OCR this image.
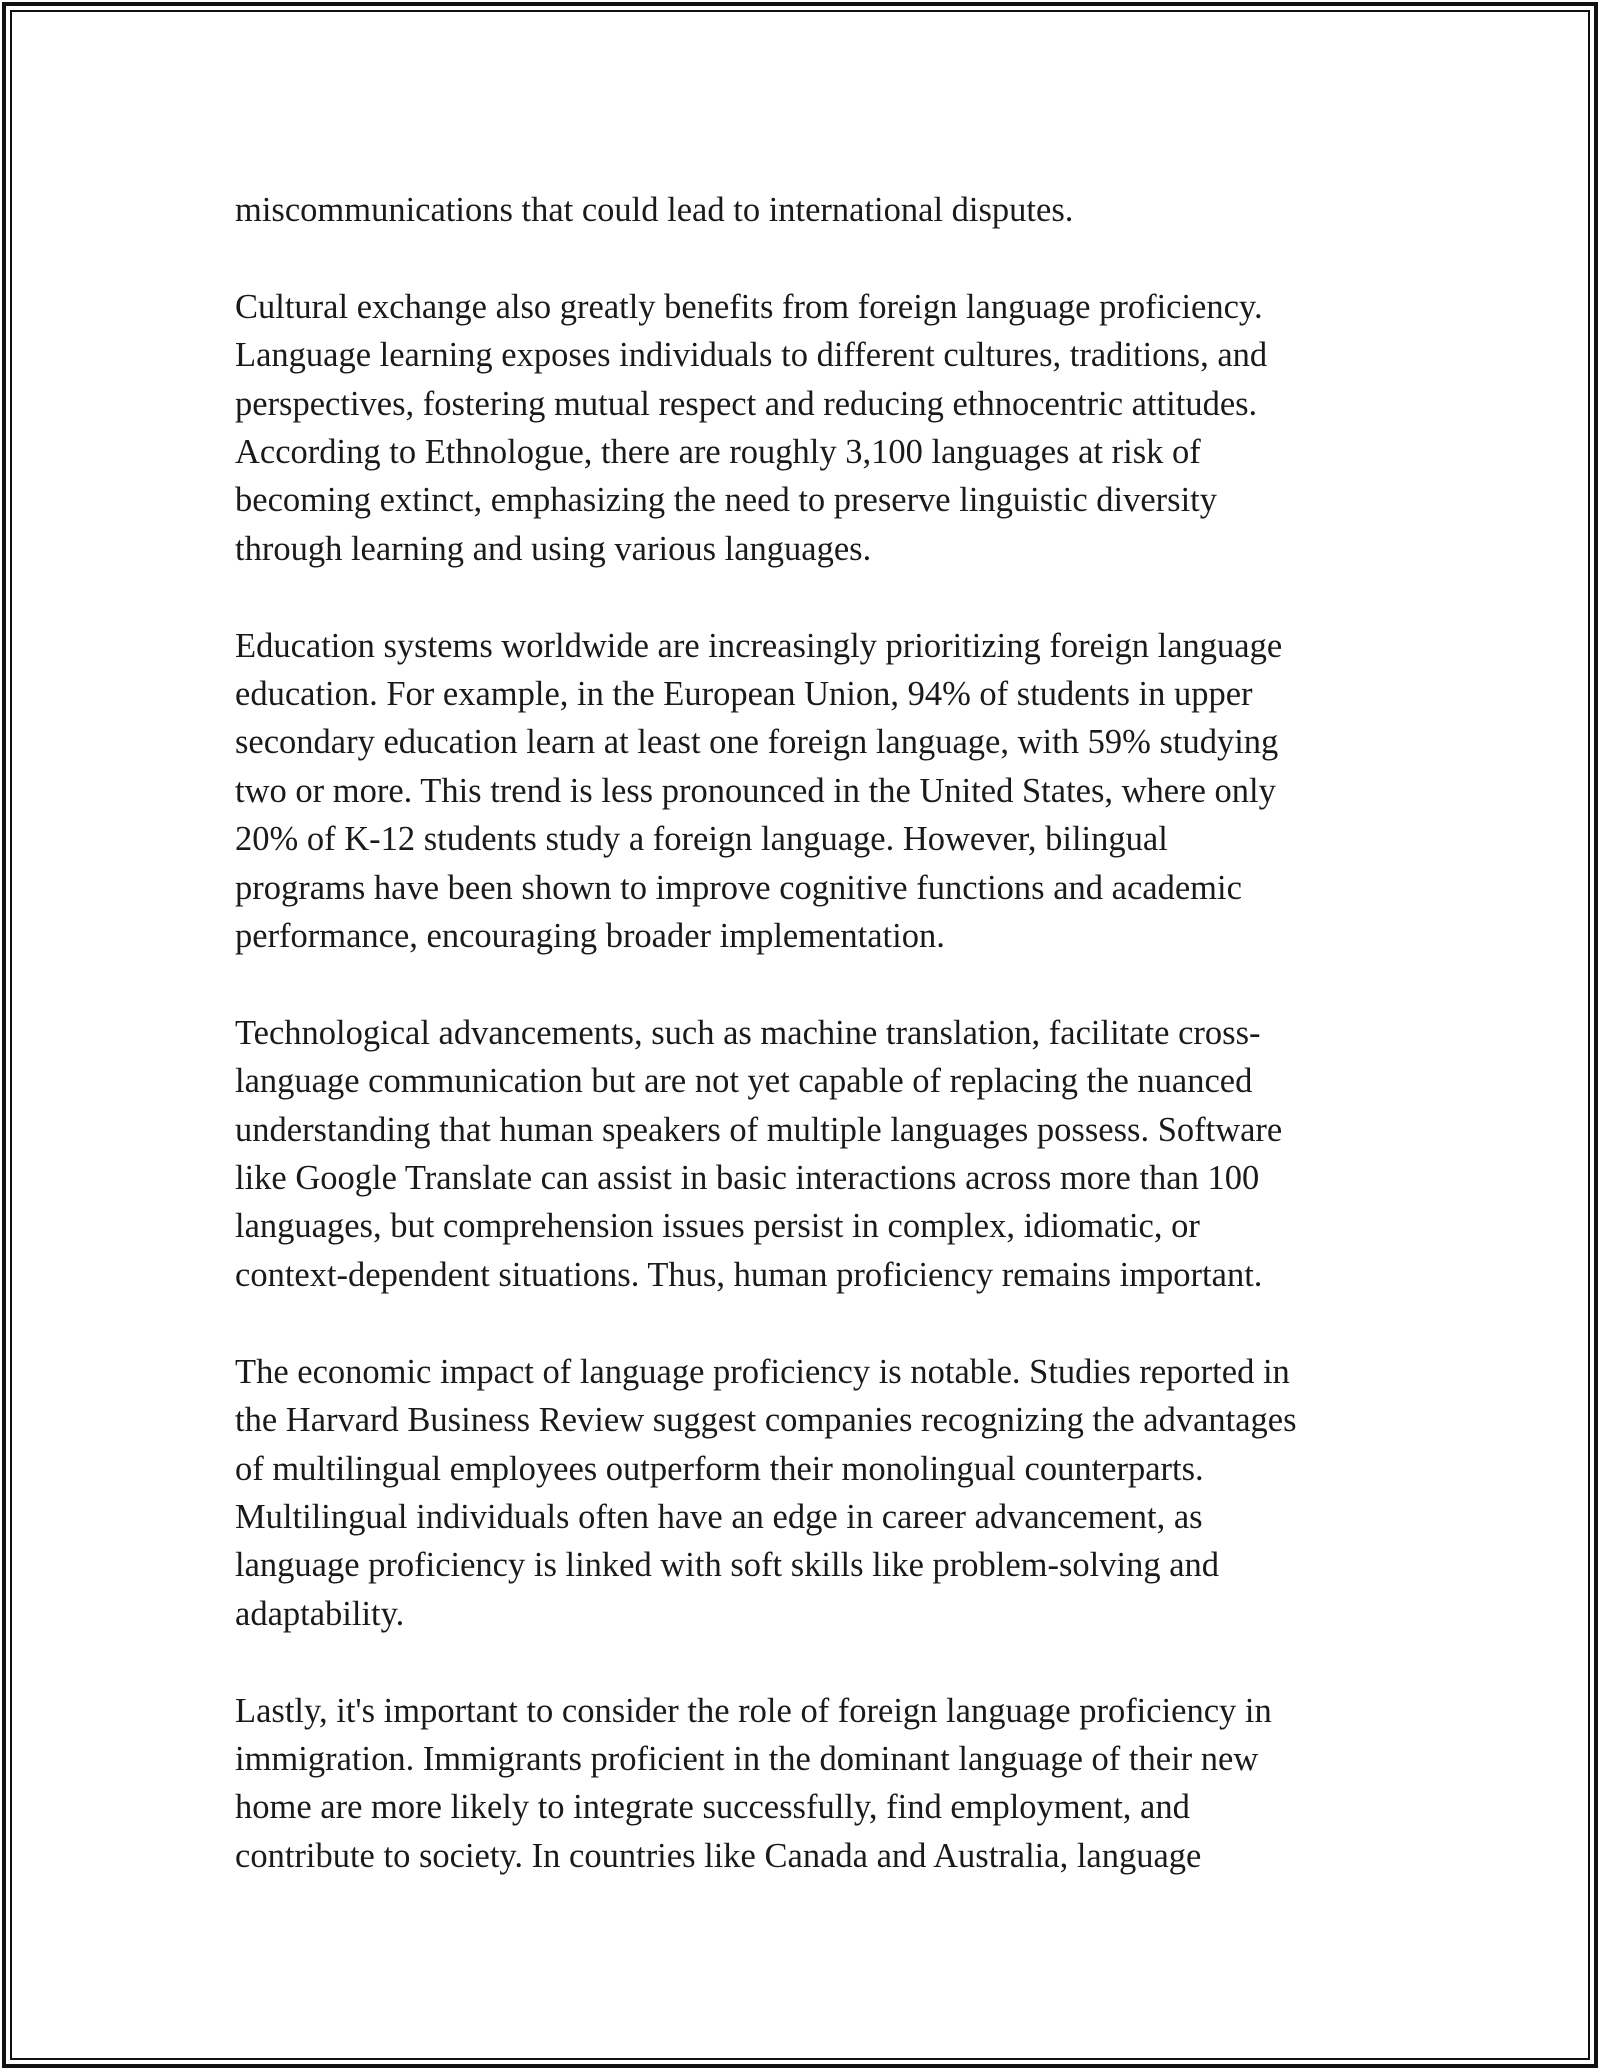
miscommunications that could lead to international disputes.

Cultural exchange also greatly benefits from foreign language proficiency.
Language learning exposes individuals to different cultures, traditions, and
perspectives, fostering mutual respect and reducing ethnocentric attitudes.
According to Ethnologue, there are roughly 3,100 languages at risk of
becoming extinct, emphasizing the need to preserve linguistic diversity
through learning and using various languages.

Education systems worldwide are increasingly prioritizing foreign language
education. For example, in the European Union, 94% of students in upper
secondary education learn at least one foreign language, with 59% studying
two or more. This trend is less pronounced in the United States, where only
20% of K-12 students study a foreign language. However, bilingual
programs have been shown to improve cognitive functions and academic
performance, encouraging broader implementation.

Technological advancements, such as machine translation, facilitate cross-
language communication but are not yet capable of replacing the nuanced
understanding that human speakers of multiple languages possess. Software
like Google Translate can assist in basic interactions across more than 100
languages, but comprehension issues persist in complex, idiomatic, or
context-dependent situations. Thus, human proficiency remains important.

The economic impact of language proficiency is notable. Studies reported in
the Harvard Business Review suggest companies recognizing the advantages
of multilingual employees outperform their monolingual counterparts.
Multilingual individuals often have an edge in career advancement, as
language proficiency is linked with soft skills like problem-solving and
adaptability.

Lastly, it's important to consider the role of foreign language proficiency in
immigration. Immigrants proficient in the dominant language of their new
home are more likely to integrate successfully, find employment, and
contribute to society. In countries like Canada and Australia, language
